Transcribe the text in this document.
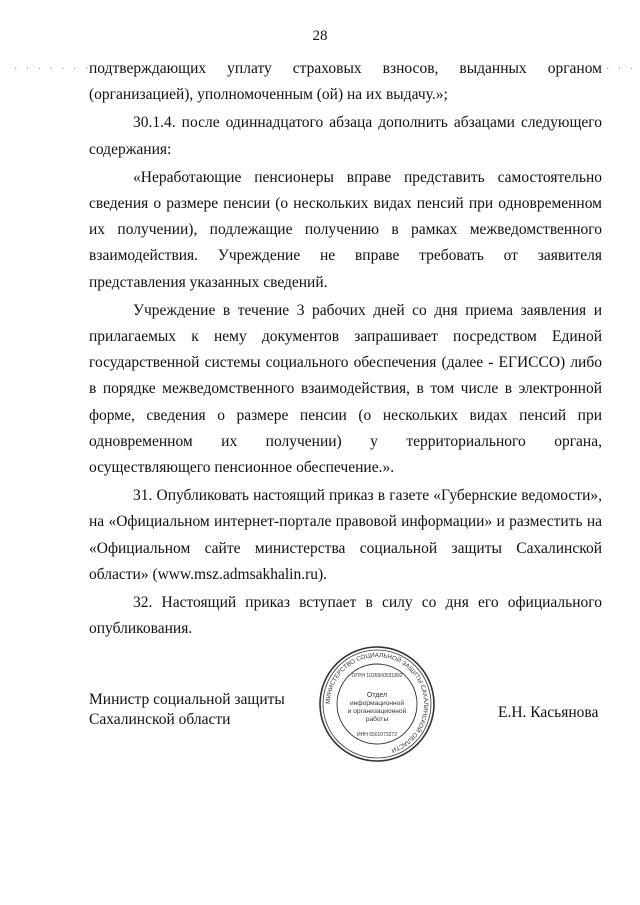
· · · · · · ·	· · ·
28

подтверждающих уплату страховых взносов, выданных органом (организацией), уполномоченным (ой) на их выдачу.»;

30.1.4. после одиннадцатого абзаца дополнить абзацами следующего содержания:

«Неработающие пенсионеры вправе представить самостоятельно сведения о размере пенсии (о нескольких видах пенсий при одновременном их получении), подлежащие получению в рамках межведомственного взаимодействия. Учреждение не вправе требовать от заявителя представления указанных сведений.

Учреждение в течение 3 рабочих дней со дня приема заявления и прилагаемых к нему документов запрашивает посредством Единой государственной системы социального обеспечения (далее - ЕГИССО) либо в порядке межведомственного взаимодействия, в том числе в электронной форме, сведения о размере пенсии (о нескольких видах пенсий при одновременном их получении) у территориального органа, осуществляющего пенсионное обеспечение.».

31. Опубликовать настоящий приказ в газете «Губернские ведомости», на «Официальном интернет-портале правовой информации» и разместить на «Официальном сайте министерства социальной защиты Сахалинской области» (www.msz.admsakhalin.ru).

32. Настоящий приказ вступает в силу со дня его официального опубликования.

Министр социальной защиты
Сахалинской области
МИНИСТЕРСТВО СОЦИАЛЬНОЙ ЗАЩИТЫ САХАЛИНСКОЙ ОБЛАСТИ
ОГРН 1026500531892
Отдел
информационной
и организационной
работы
ИНН 6501073272
Е.Н. Касьянова
